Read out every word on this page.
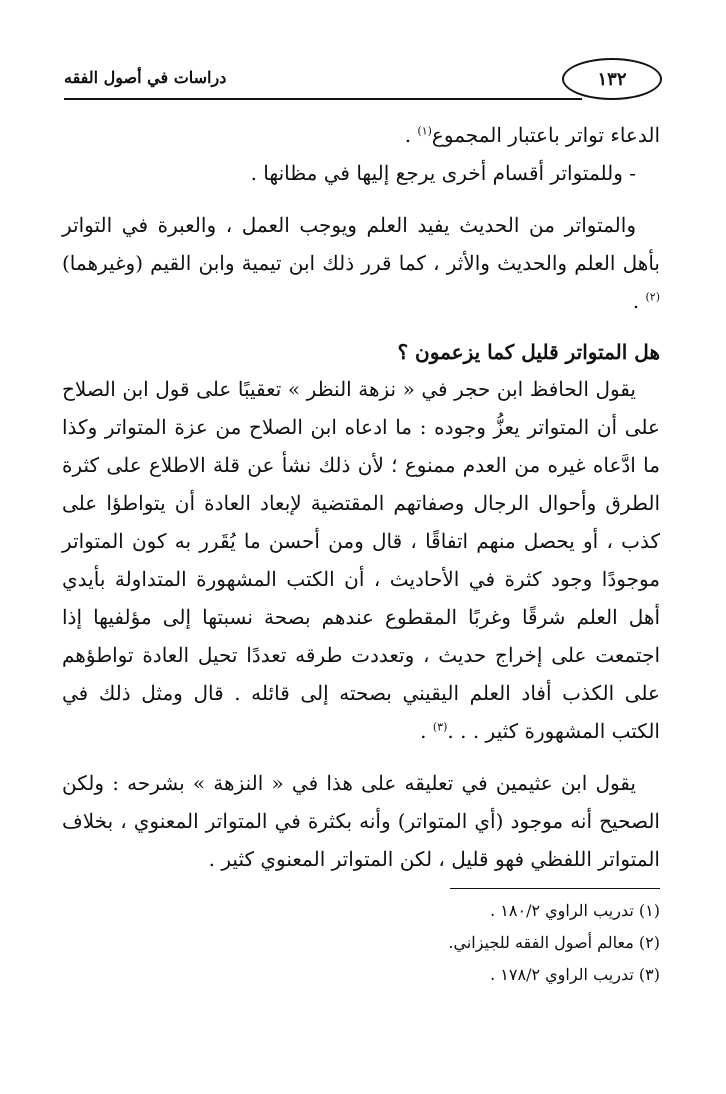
دراسات في أصول الفقه	١٣٢

الدعاء تواتر باعتبار المجموع$^{(١)}$ .

- وللمتواتر أقسام أخرى يرجع إليها في مظانها .

والمتواتر من الحديث يفيد العلم ويوجب العمل ، والعبرة في التواتر بأهل العلم والحديث والأثر ، كما قرر ذلك ابن تيمية وابن القيم (وغيرهما)$^{(٢)}$ .

هل المتواتر قليل كما يزعمون ؟

يقول الحافظ ابن حجر في « نزهة النظر » تعقيبًا على قول ابن الصلاح على أن المتواتر يعزُّ وجوده : ما ادعاه ابن الصلاح من عزة المتواتر وكذا ما ادَّعاه غيره من العدم ممنوع ؛ لأن ذلك نشأ عن قلة الاطلاع على كثرة الطرق وأحوال الرجال وصفاتهم المقتضية لإبعاد العادة أن يتواطؤا على كذب ، أو يحصل منهم اتفاقًا ، قال ومن أحسن ما يُقَرر به كون المتواتر موجودًا وجود كثرة في الأحاديث ، أن الكتب المشهورة المتداولة بأيدي أهل العلم شرقًا وغربًا المقطوع عندهم بصحة نسبتها إلى مؤلفيها إذا اجتمعت على إخراج حديث ، وتعددت طرقه تعددًا تحيل العادة تواطؤهم على الكذب أفاد العلم اليقيني بصحته إلى قائله . قال ومثل ذلك في الكتب المشهورة كثير . . .$^{(٣)}$ .

يقول ابن عثيمين في تعليقه على هذا في « النزهة » بشرحه : ولكن الصحيح أنه موجود (أي المتواتر) وأنه بكثرة في المتواتر المعنوي ، بخلاف المتواتر اللفظي فهو قليل ، لكن المتواتر المعنوي كثير .

(١) تدريب الراوي ١٨٠/٢ .

(٢) معالم أصول الفقه للجيزاني.

(٣) تدريب الراوي ١٧٨/٢ .
